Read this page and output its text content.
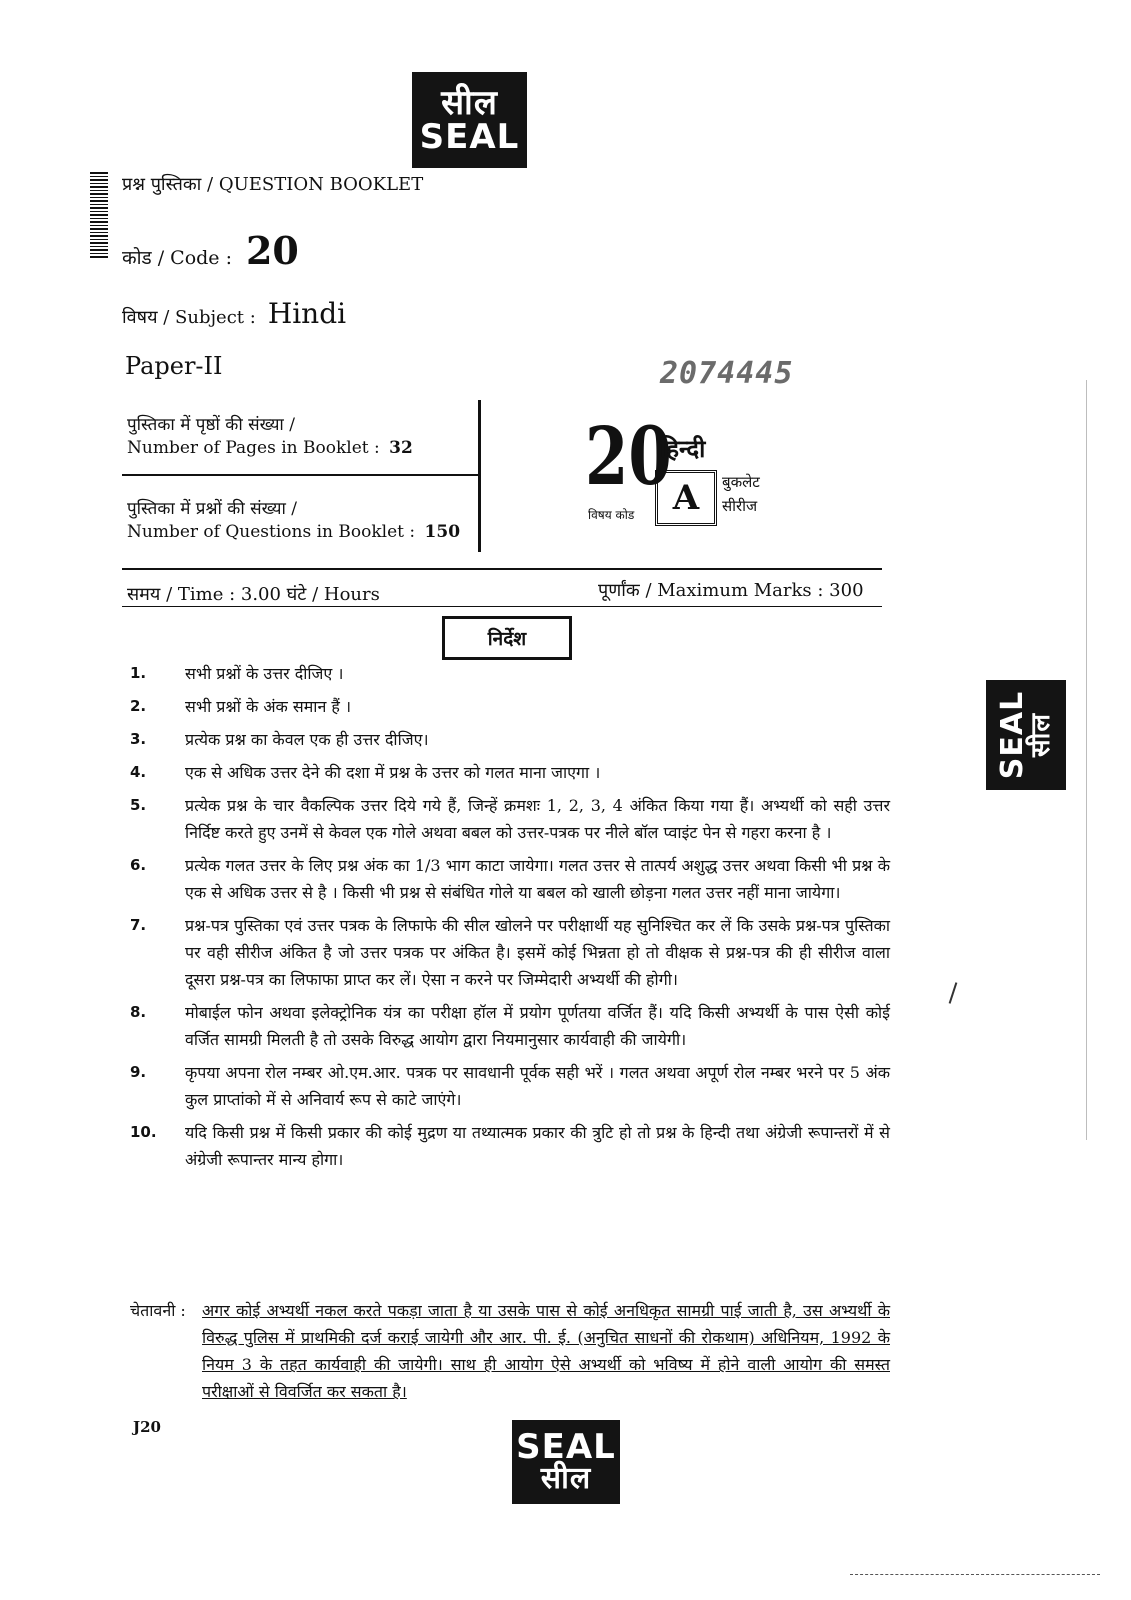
सील
SEAL
प्रश्न पुस्तिका / QUESTION BOOKLET
कोड / Code : 20
विषय / Subject : Hindi
Paper-II	2074445
पुस्तिका में पृष्ठों की संख्या /
Number of Pages in Booklet : 32
पुस्तिका में प्रश्नों की संख्या /
Number of Questions in Booklet : 150
20
विषय कोड
हिन्दी
A बुकलेट
सीरीज
समय / Time : 3.00 घंटे / Hours	पूर्णांक / Maximum Marks : 300
निर्देश
1.	सभी प्रश्नों के उत्तर दीजिए ।
2.	सभी प्रश्नों के अंक समान हैं ।
3.	प्रत्येक प्रश्न का केवल एक ही उत्तर दीजिए।
4.	एक से अधिक उत्तर देने की दशा में प्रश्न के उत्तर को गलत माना जाएगा ।
5.	प्रत्येक प्रश्न के चार वैकल्पिक उत्तर दिये गये हैं, जिन्हें क्रमशः 1, 2, 3, 4 अंकित किया गया हैं। अभ्यर्थी को सही उत्तर निर्दिष्ट करते हुए उनमें से केवल एक गोले अथवा बबल को उत्तर-पत्रक पर नीले बॉल प्वाइंट पेन से गहरा करना है ।
6.	प्रत्येक गलत उत्तर के लिए प्रश्न अंक का 1/3 भाग काटा जायेगा। गलत उत्तर से तात्पर्य अशुद्ध उत्तर अथवा किसी भी प्रश्न के एक से अधिक उत्तर से है । किसी भी प्रश्न से संबंधित गोले या बबल को खाली छोड़ना गलत उत्तर नहीं माना जायेगा।
7.	प्रश्न-पत्र पुस्तिका एवं उत्तर पत्रक के लिफाफे की सील खोलने पर परीक्षार्थी यह सुनिश्चित कर लें कि उसके प्रश्न-पत्र पुस्तिका पर वही सीरीज अंकित है जो उत्तर पत्रक पर अंकित है। इसमें कोई भिन्नता हो तो वीक्षक से प्रश्न-पत्र की ही सीरीज वाला दूसरा प्रश्न-पत्र का लिफाफा प्राप्त कर लें। ऐसा न करने पर जिम्मेदारी अभ्यर्थी की होगी।
8.	मोबाईल फोन अथवा इलेक्ट्रोनिक यंत्र का परीक्षा हॉल में प्रयोग पूर्णतया वर्जित हैं। यदि किसी अभ्यर्थी के पास ऐसी कोई वर्जित सामग्री मिलती है तो उसके विरुद्ध आयोग द्वारा नियमानुसार कार्यवाही की जायेगी।
9.	कृपया अपना रोल नम्बर ओ.एम.आर. पत्रक पर सावधानी पूर्वक सही भरें । गलत अथवा अपूर्ण रोल नम्बर भरने पर 5 अंक कुल प्राप्तांको में से अनिवार्य रूप से काटे जाएंगे।
10.	यदि किसी प्रश्न में किसी प्रकार की कोई मुद्रण या तथ्यात्मक प्रकार की त्रुटि हो तो प्रश्न के हिन्दी तथा अंग्रेजी रूपान्तरों में से अंग्रेजी रूपान्तर मान्य होगा।
चेतावनी :	अगर कोई अभ्यर्थी नकल करते पकड़ा जाता है या उसके पास से कोई अनधिकृत सामग्री पाई जाती है, उस अभ्यर्थी के विरुद्ध पुलिस में प्राथमिकी दर्ज कराई जायेगी और आर. पी. ई. (अनुचित साधनों की रोकथाम) अधिनियम, 1992 के नियम 3 के तहत कार्यवाही की जायेगी। साथ ही आयोग ऐसे अभ्यर्थी को भविष्य में होने वाली आयोग की समस्त परीक्षाओं से विवर्जित कर सकता है।
J20	SEAL
सील
SEAL
सील
